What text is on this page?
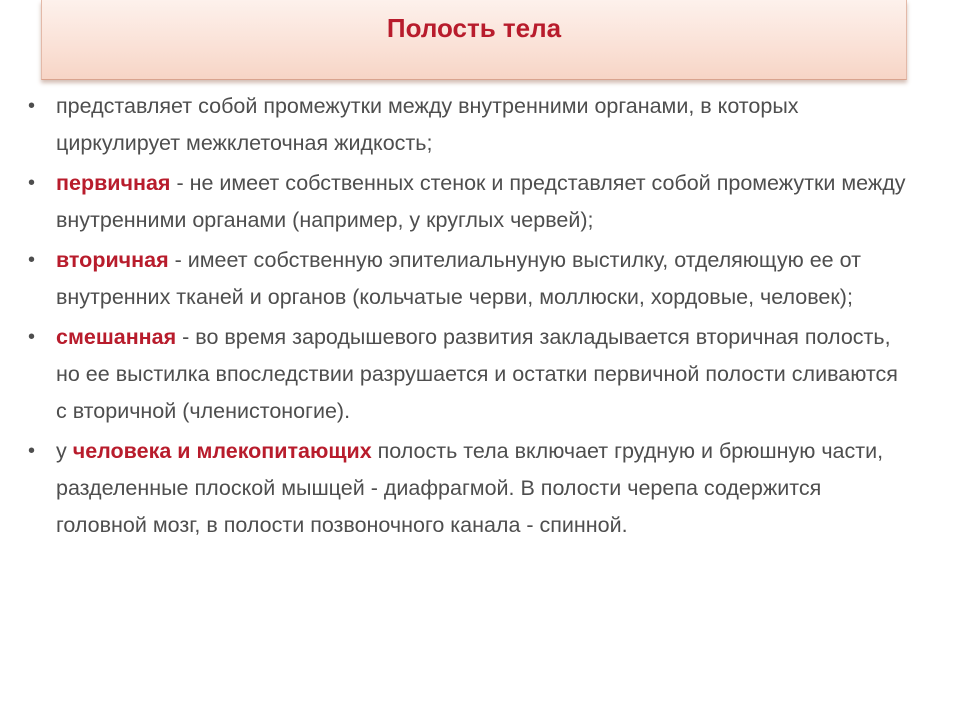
Полость тела
• представляет собой промежутки между внутренними органами, в которых циркулирует межклеточная жидкость;
• первичная - не имеет собственных стенок и представляет собой промежутки между внутренними органами (например, у круглых червей);
• вторичная - имеет собственную эпителиальнуную выстилку, отделяющую ее от внутренних тканей и органов (кольчатые черви, моллюски, хордовые, человек);
• смешанная - во время зародышевого развития закладывается вторичная полость, но ее выстилка впоследствии разрушается и остатки первичной полости сливаются с вторичной (членистоногие).
• у человека и млекопитающих полость тела включает грудную и брюшную части, разделенные плоской мышцей - диафрагмой. В полости черепа содержится головной мозг, в полости позвоночного канала - спинной.
